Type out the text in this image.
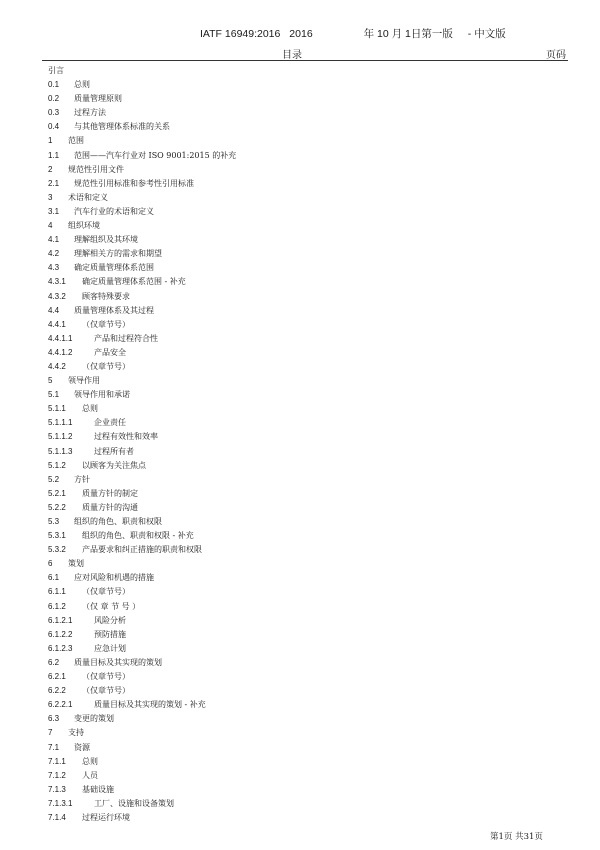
IATF 16949:2016 2016	年 10 月 1日第一版 - 中文版
目录	页码
引言
0.1 总则
0.2 质量管理原则
0.3 过程方法
0.4 与其他管理体系标准的关系
1 范围
1.1 范围——汽车行业对 ISO 9001:2015 的补充
2 规范性引用文件
2.1 规范性引用标准和参考性引用标准
3 术语和定义
3.1 汽车行业的术语和定义
4 组织环境
4.1 理解组织及其环境
4.2 理解相关方的需求和期望
4.3 确定质量管理体系范围
4.3.1 确定质量管理体系范围 - 补充
4.3.2 顾客特殊要求
4.4 质量管理体系及其过程
4.4.1 （仅章节号）
4.4.1.1	产品和过程符合性
4.4.1.2	产品安全
4.4.2 （仅章节号）
5 领导作用
5.1 领导作用和承诺
5.1.1 总则
5.1.1.1	企业责任
5.1.1.2	过程有效性和效率
5.1.1.3	过程所有者
5.1.2 以顾客为关注焦点
5.2 方针
5.2.1 质量方针的制定
5.2.2 质量方针的沟通
5.3 组织的角色、职责和权限
5.3.1 组织的角色、职责和权限 - 补充
5.3.2 产品要求和纠正措施的职责和权限
6 策划
6.1 应对风险和机遇的措施
6.1.1 （仅章节号）
6.1.2 （仅 章 节 号 ）
6.1.2.1	风险分析
6.1.2.2	预防措施
6.1.2.3	应急计划
6.2 质量目标及其实现的策划
6.2.1 （仅章节号）
6.2.2 （仅章节号）
6.2.2.1	质量目标及其实现的策划 - 补充
6.3 变更的策划
7 支持
7.1 资源
7.1.1 总则
7.1.2 人员
7.1.3 基础设施
7.1.3.1	工厂、设施和设备策划
7.1.4 过程运行环境
第1页 共31页
